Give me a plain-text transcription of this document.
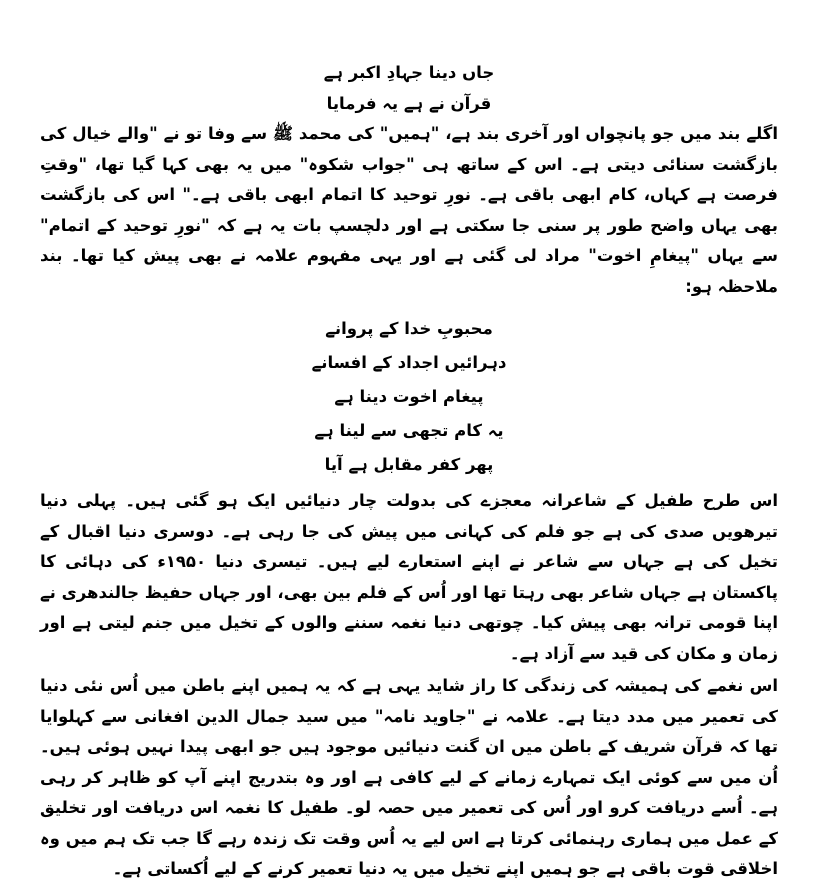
جاں دینا جہادِ اکبر ہے

قرآن نے ہے یہ فرمایا

اگلے بند میں جو پانچواں اور آخری بند ہے، "ہمیں" کی محمد ﷺ سے وفا تو نے "والے خیال کی بازگشت سنائی دیتی ہے۔ اس کے ساتھ ہی "جواب شکوہ" میں یہ بھی کہا گیا تھا، "وقتِ فرصت ہے کہاں، کام ابھی باقی ہے۔ نورِ توحید کا اتمام ابھی باقی ہے۔" اس کی بازگشت بھی یہاں واضح طور پر سنی جا سکتی ہے اور دلچسپ بات یہ ہے کہ "نورِ توحید کے اتمام" سے یہاں "پیغامِ اخوت" مراد لی گئی ہے اور یہی مفہوم علامہ نے بھی پیش کیا تھا۔ بند ملاحظہ ہو:

محبوبِ خدا کے پروانے

دہرائیں اجداد کے افسانے

پیغام اخوت دینا ہے

یہ کام تجھی سے لینا ہے

پھر کفر مقابل ہے آیا

اس طرح طفیل کے شاعرانہ معجزے کی بدولت چار دنیائیں ایک ہو گئی ہیں۔ پہلی دنیا تیرھویں صدی کی ہے جو فلم کی کہانی میں پیش کی جا رہی ہے۔ دوسری دنیا اقبال کے تخیل کی ہے جہاں سے شاعر نے اپنے استعارے لیے ہیں۔ تیسری دنیا ۱۹۵۰ء کی دہائی کا پاکستان ہے جہاں شاعر بھی رہتا تھا اور اُس کے فلم بین بھی، اور جہاں حفیظ جالندھری نے اپنا قومی ترانہ بھی پیش کیا۔ چوتھی دنیا نغمہ سننے والوں کے تخیل میں جنم لیتی ہے اور زمان و مکان کی قید سے آزاد ہے۔

اس نغمے کی ہمیشہ کی زندگی کا راز شاید یہی ہے کہ یہ ہمیں اپنے باطن میں اُس نئی دنیا کی تعمیر میں مدد دیتا ہے۔ علامہ نے "جاوید نامہ" میں سید جمال الدین افغانی سے کہلوایا تھا کہ قرآن شریف کے باطن میں ان گنت دنیائیں موجود ہیں جو ابھی پیدا نہیں ہوئی ہیں۔ اُن میں سے کوئی ایک تمہارے زمانے کے لیے کافی ہے اور وہ بتدریج اپنے آپ کو ظاہر کر رہی ہے۔ اُسے دریافت کرو اور اُس کی تعمیر میں حصہ لو۔ طفیل کا نغمہ اس دریافت اور تخلیق کے عمل میں ہماری رہنمائی کرتا ہے اس لیے یہ اُس وقت تک زندہ رہے گا جب تک ہم میں وہ اخلاقی قوت باقی ہے جو ہمیں اپنے تخیل میں یہ دنیا تعمیر کرنے کے لیے اُکساتی ہے۔
